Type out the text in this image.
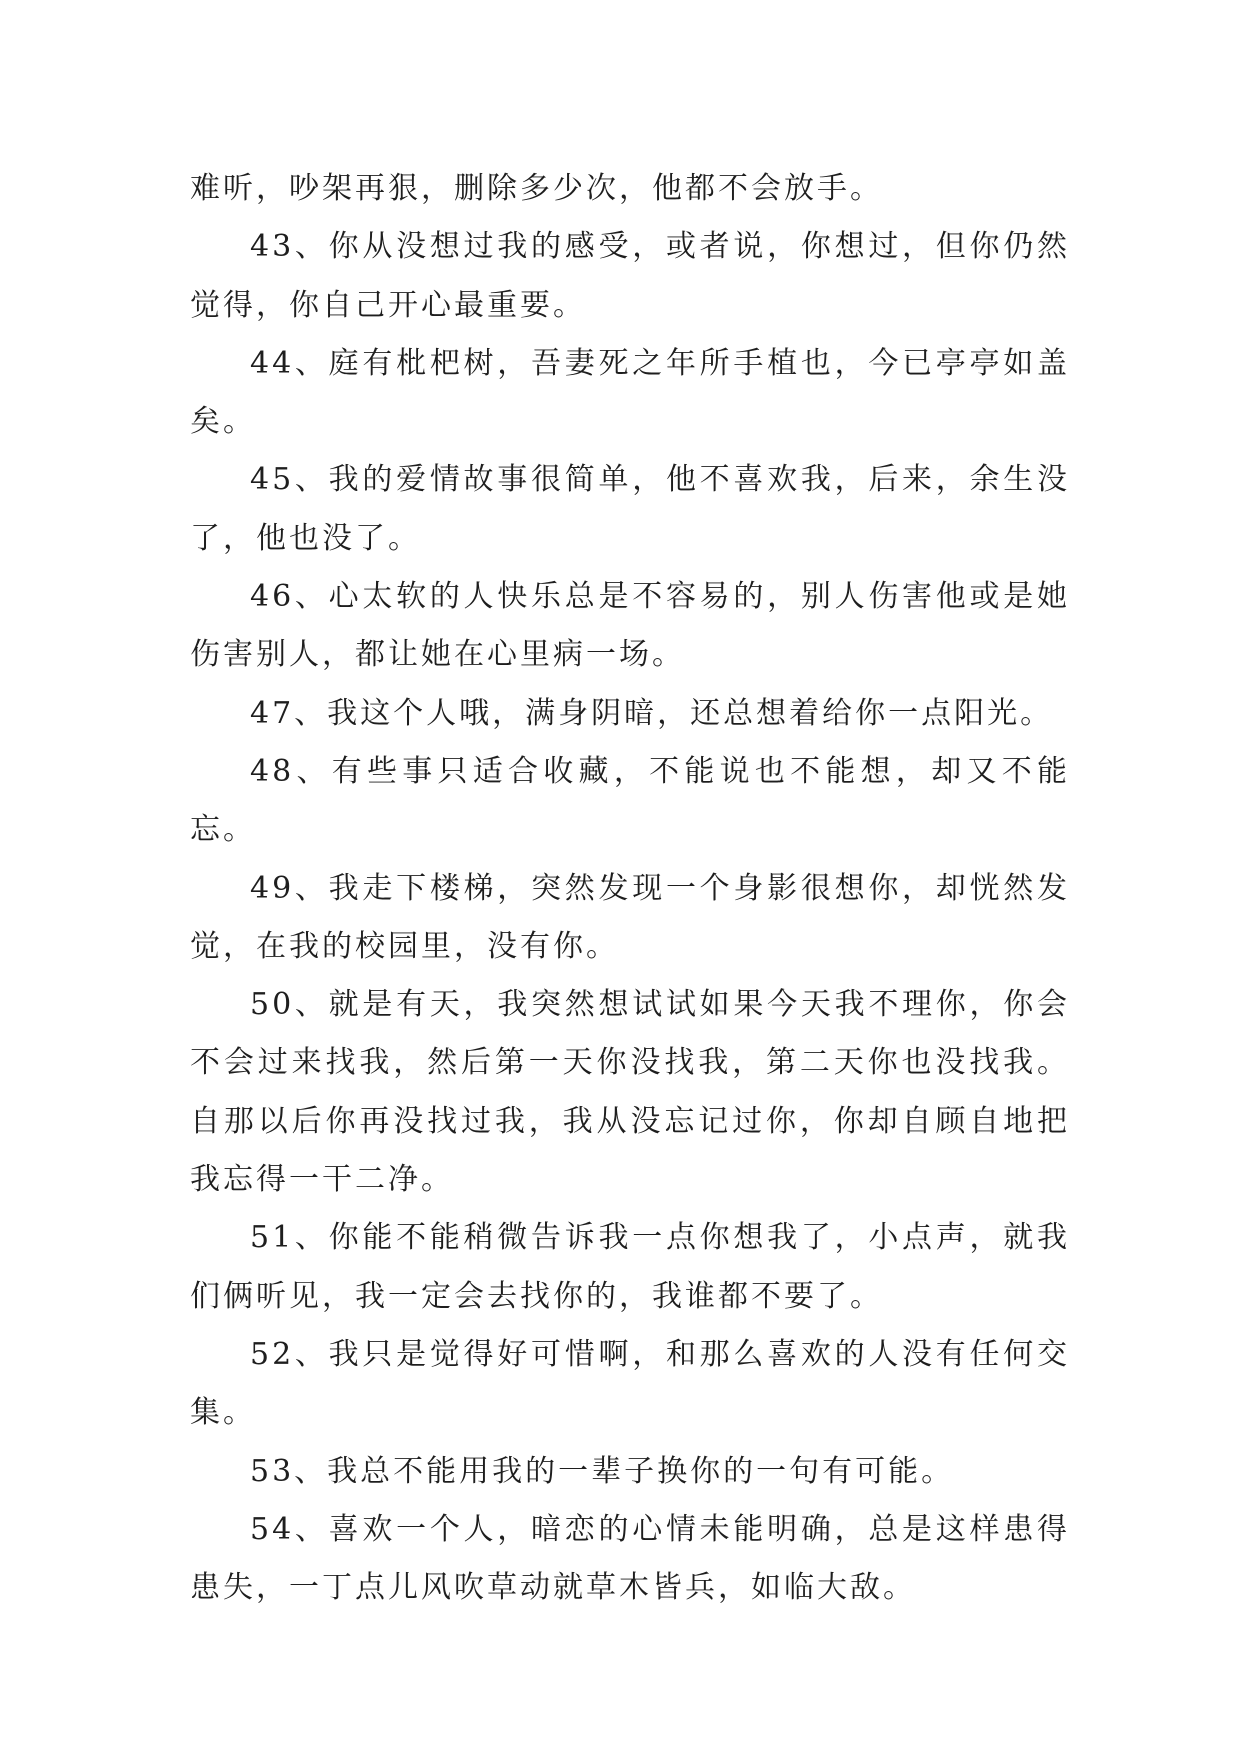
难听，吵架再狠，删除多少次，他都不会放手。

43、你从没想过我的感受，或者说，你想过，但你仍然觉得，你自己开心最重要。

44、庭有枇杷树，吾妻死之年所手植也，今已亭亭如盖矣。

45、我的爱情故事很简单，他不喜欢我，后来，余生没了，他也没了。

46、心太软的人快乐总是不容易的，别人伤害他或是她伤害别人，都让她在心里病一场。

47、我这个人哦，满身阴暗，还总想着给你一点阳光。

48、有些事只适合收藏，不能说也不能想，却又不能忘。

49、我走下楼梯，突然发现一个身影很想你，却恍然发觉，在我的校园里，没有你。

50、就是有天，我突然想试试如果今天我不理你，你会不会过来找我，然后第一天你没找我，第二天你也没找我。自那以后你再没找过我，我从没忘记过你，你却自顾自地把我忘得一干二净。

51、你能不能稍微告诉我一点你想我了，小点声，就我们俩听见，我一定会去找你的，我谁都不要了。

52、我只是觉得好可惜啊，和那么喜欢的人没有任何交集。

53、我总不能用我的一辈子换你的一句有可能。

54、喜欢一个人，暗恋的心情未能明确，总是这样患得患失，一丁点儿风吹草动就草木皆兵，如临大敌。
